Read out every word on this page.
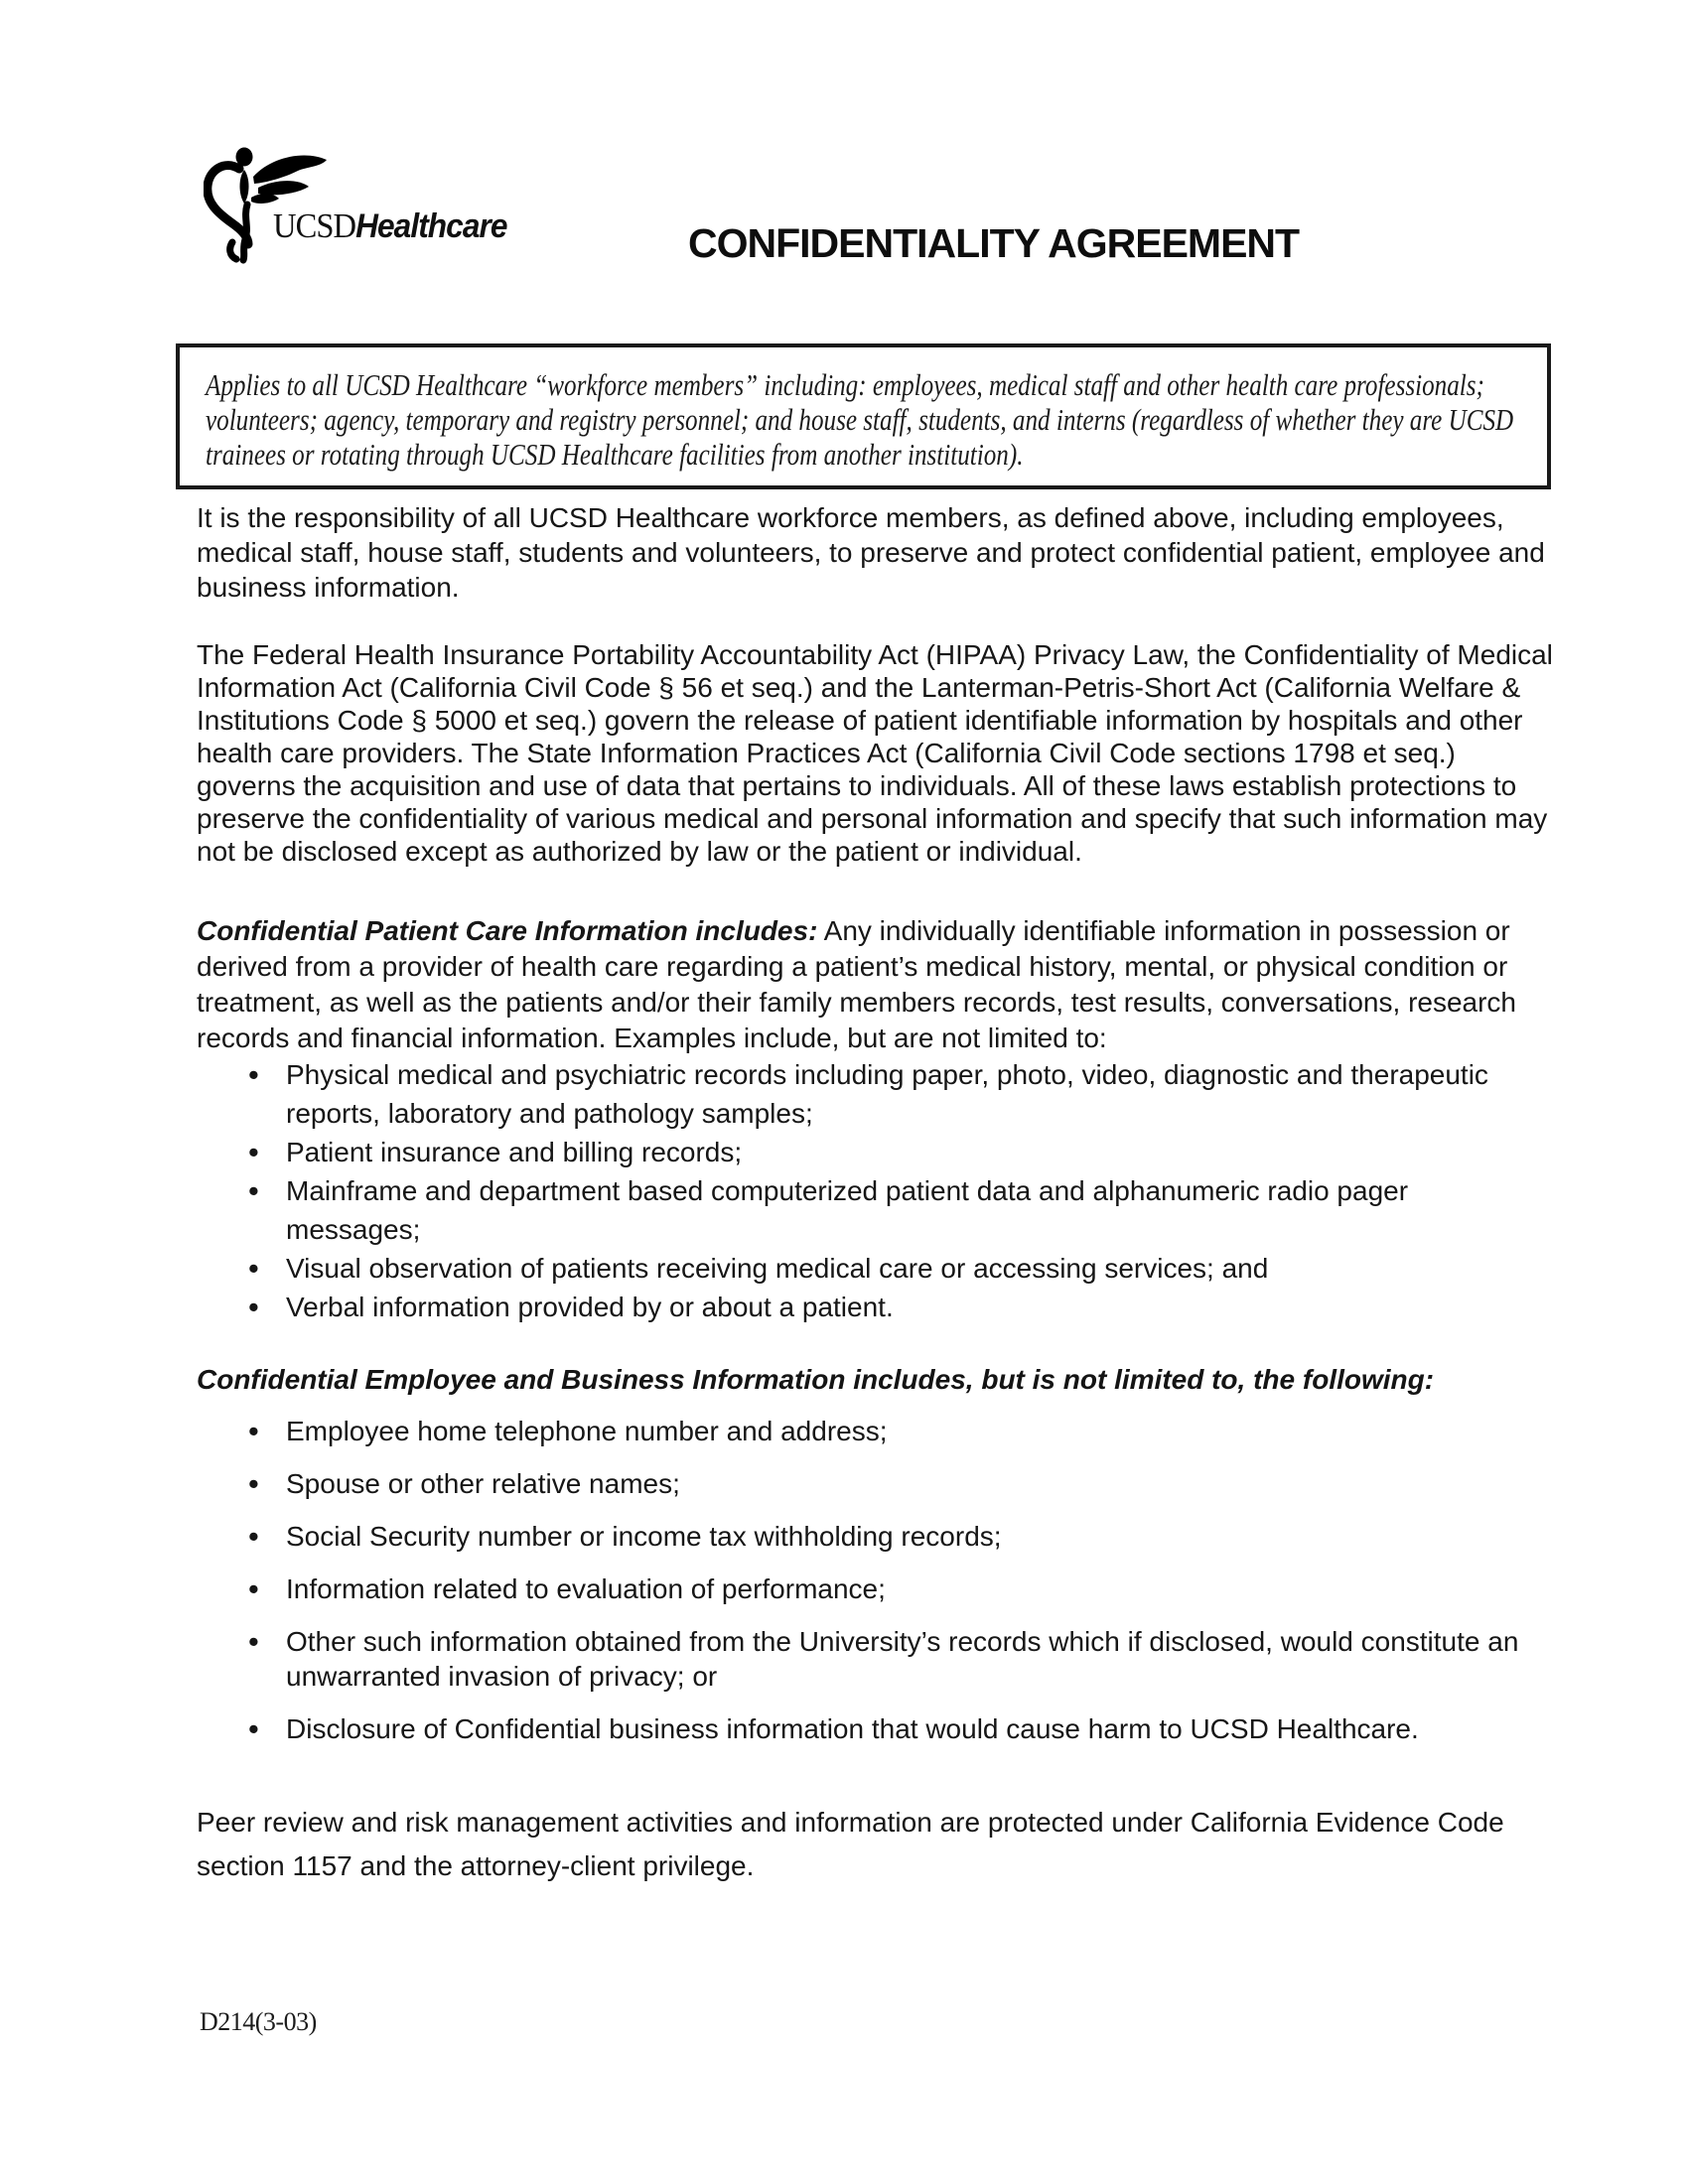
UCSDHealthcare	CONFIDENTIALITY AGREEMENT
Applies to all UCSD Healthcare “workforce members” including: employees, medical staff and other health care professionals; volunteers; agency, temporary and registry personnel; and house staff, students, and interns (regardless of whether they are UCSD trainees or rotating through UCSD Healthcare facilities from another institution).

It is the responsibility of all UCSD Healthcare workforce members, as defined above, including employees, medical staff, house staff, students and volunteers, to preserve and protect confidential patient, employee and business information.

The Federal Health Insurance Portability Accountability Act (HIPAA) Privacy Law, the Confidentiality of Medical Information Act (California Civil Code § 56 et seq.) and the Lanterman-Petris-Short Act (California Welfare & Institutions Code § 5000 et seq.) govern the release of patient identifiable information by hospitals and other health care providers. The State Information Practices Act (California Civil Code sections 1798 et seq.) governs the acquisition and use of data that pertains to individuals. All of these laws establish protections to preserve the confidentiality of various medical and personal information and specify that such information may not be disclosed except as authorized by law or the patient or individual.

Confidential Patient Care Information includes: Any individually identifiable information in possession or derived from a provider of health care regarding a patient’s medical history, mental, or physical condition or treatment, as well as the patients and/or their family members records, test results, conversations, research records and financial information. Examples include, but are not limited to:

• Physical medical and psychiatric records including paper, photo, video, diagnostic and therapeutic reports, laboratory and pathology samples;
• Patient insurance and billing records;
• Mainframe and department based computerized patient data and alphanumeric radio pager messages;
• Visual observation of patients receiving medical care or accessing services; and
• Verbal information provided by or about a patient.

Confidential Employee and Business Information includes, but is not limited to, the following:

• Employee home telephone number and address;
• Spouse or other relative names;
• Social Security number or income tax withholding records;
• Information related to evaluation of performance;
• Other such information obtained from the University’s records which if disclosed, would constitute an unwarranted invasion of privacy; or
• Disclosure of Confidential business information that would cause harm to UCSD Healthcare.

Peer review and risk management activities and information are protected under California Evidence Code section 1157 and the attorney-client privilege.

D214(3-03)
